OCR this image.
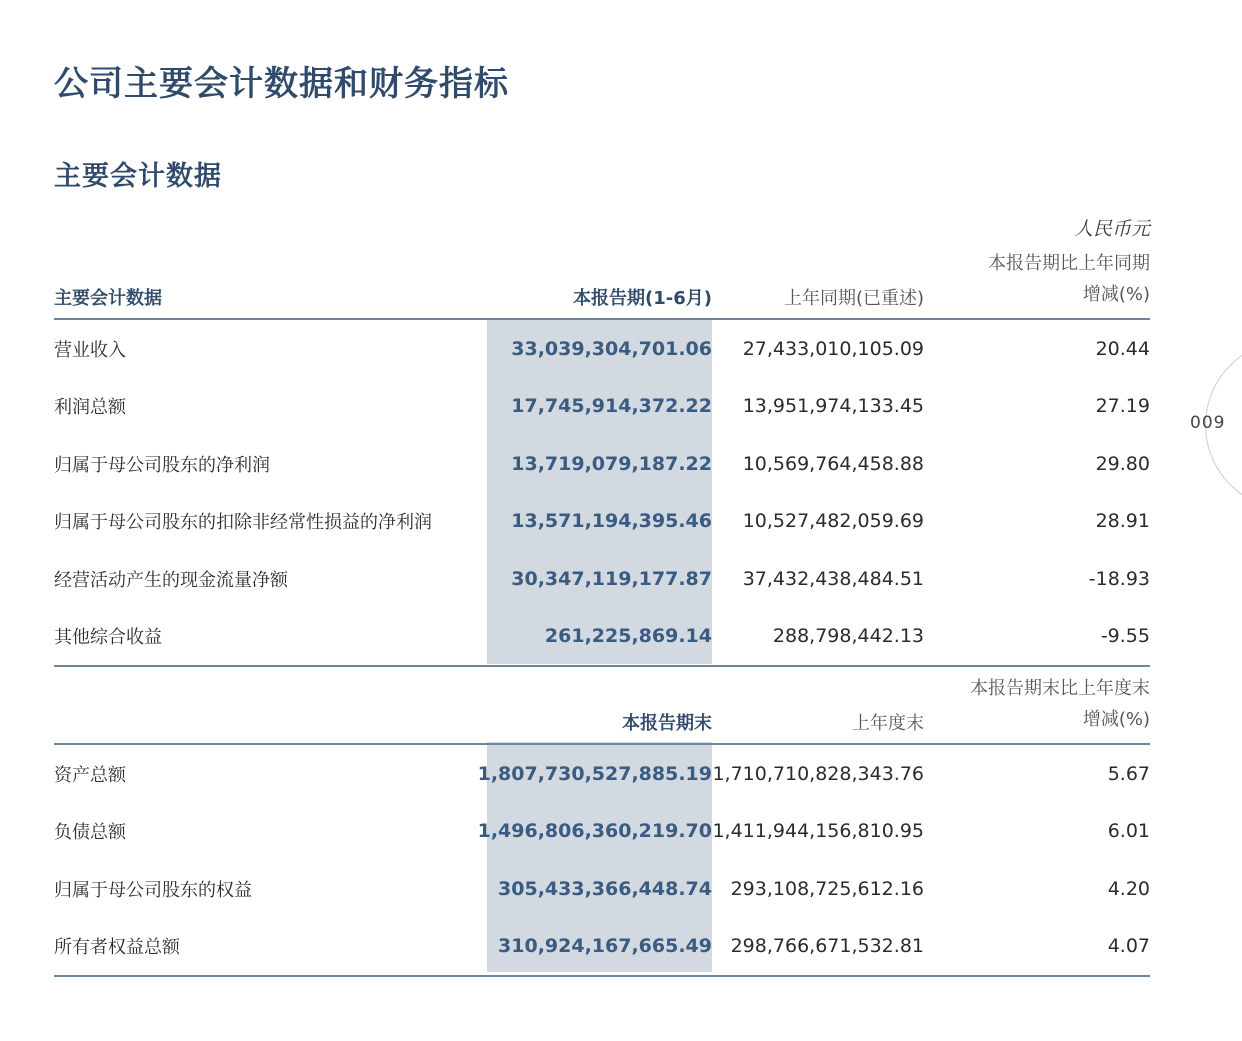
公司主要会计数据和财务指标
主要会计数据
人民币元
主要会计数据	本报告期(1-6月)	上年同期(已重述)
本报告期比上年同期
增减(%)
营业收入	33,039,304,701.06	27,433,010,105.09	20.44
利润总额	17,745,914,372.22	13,951,974,133.45	27.19
归属于母公司股东的净利润	13,719,079,187.22	10,569,764,458.88	29.80
归属于母公司股东的扣除非经常性损益的净利润	13,571,194,395.46	10,527,482,059.69	28.91
经营活动产生的现金流量净额	30,347,119,177.87	37,432,438,484.51	-18.93
其他综合收益	261,225,869.14	288,798,442.13	-9.55
本报告期末	上年度末
本报告期末比上年度末
增减(%)
资产总额	1,807,730,527,885.19 1,710,710,828,343.76	5.67
负债总额	1,496,806,360,219.70 1,411,944,156,810.95	6.01
归属于母公司股东的权益	305,433,366,448.74 293,108,725,612.16	4.20
所有者权益总额	310,924,167,665.49 298,766,671,532.81	4.07
009
